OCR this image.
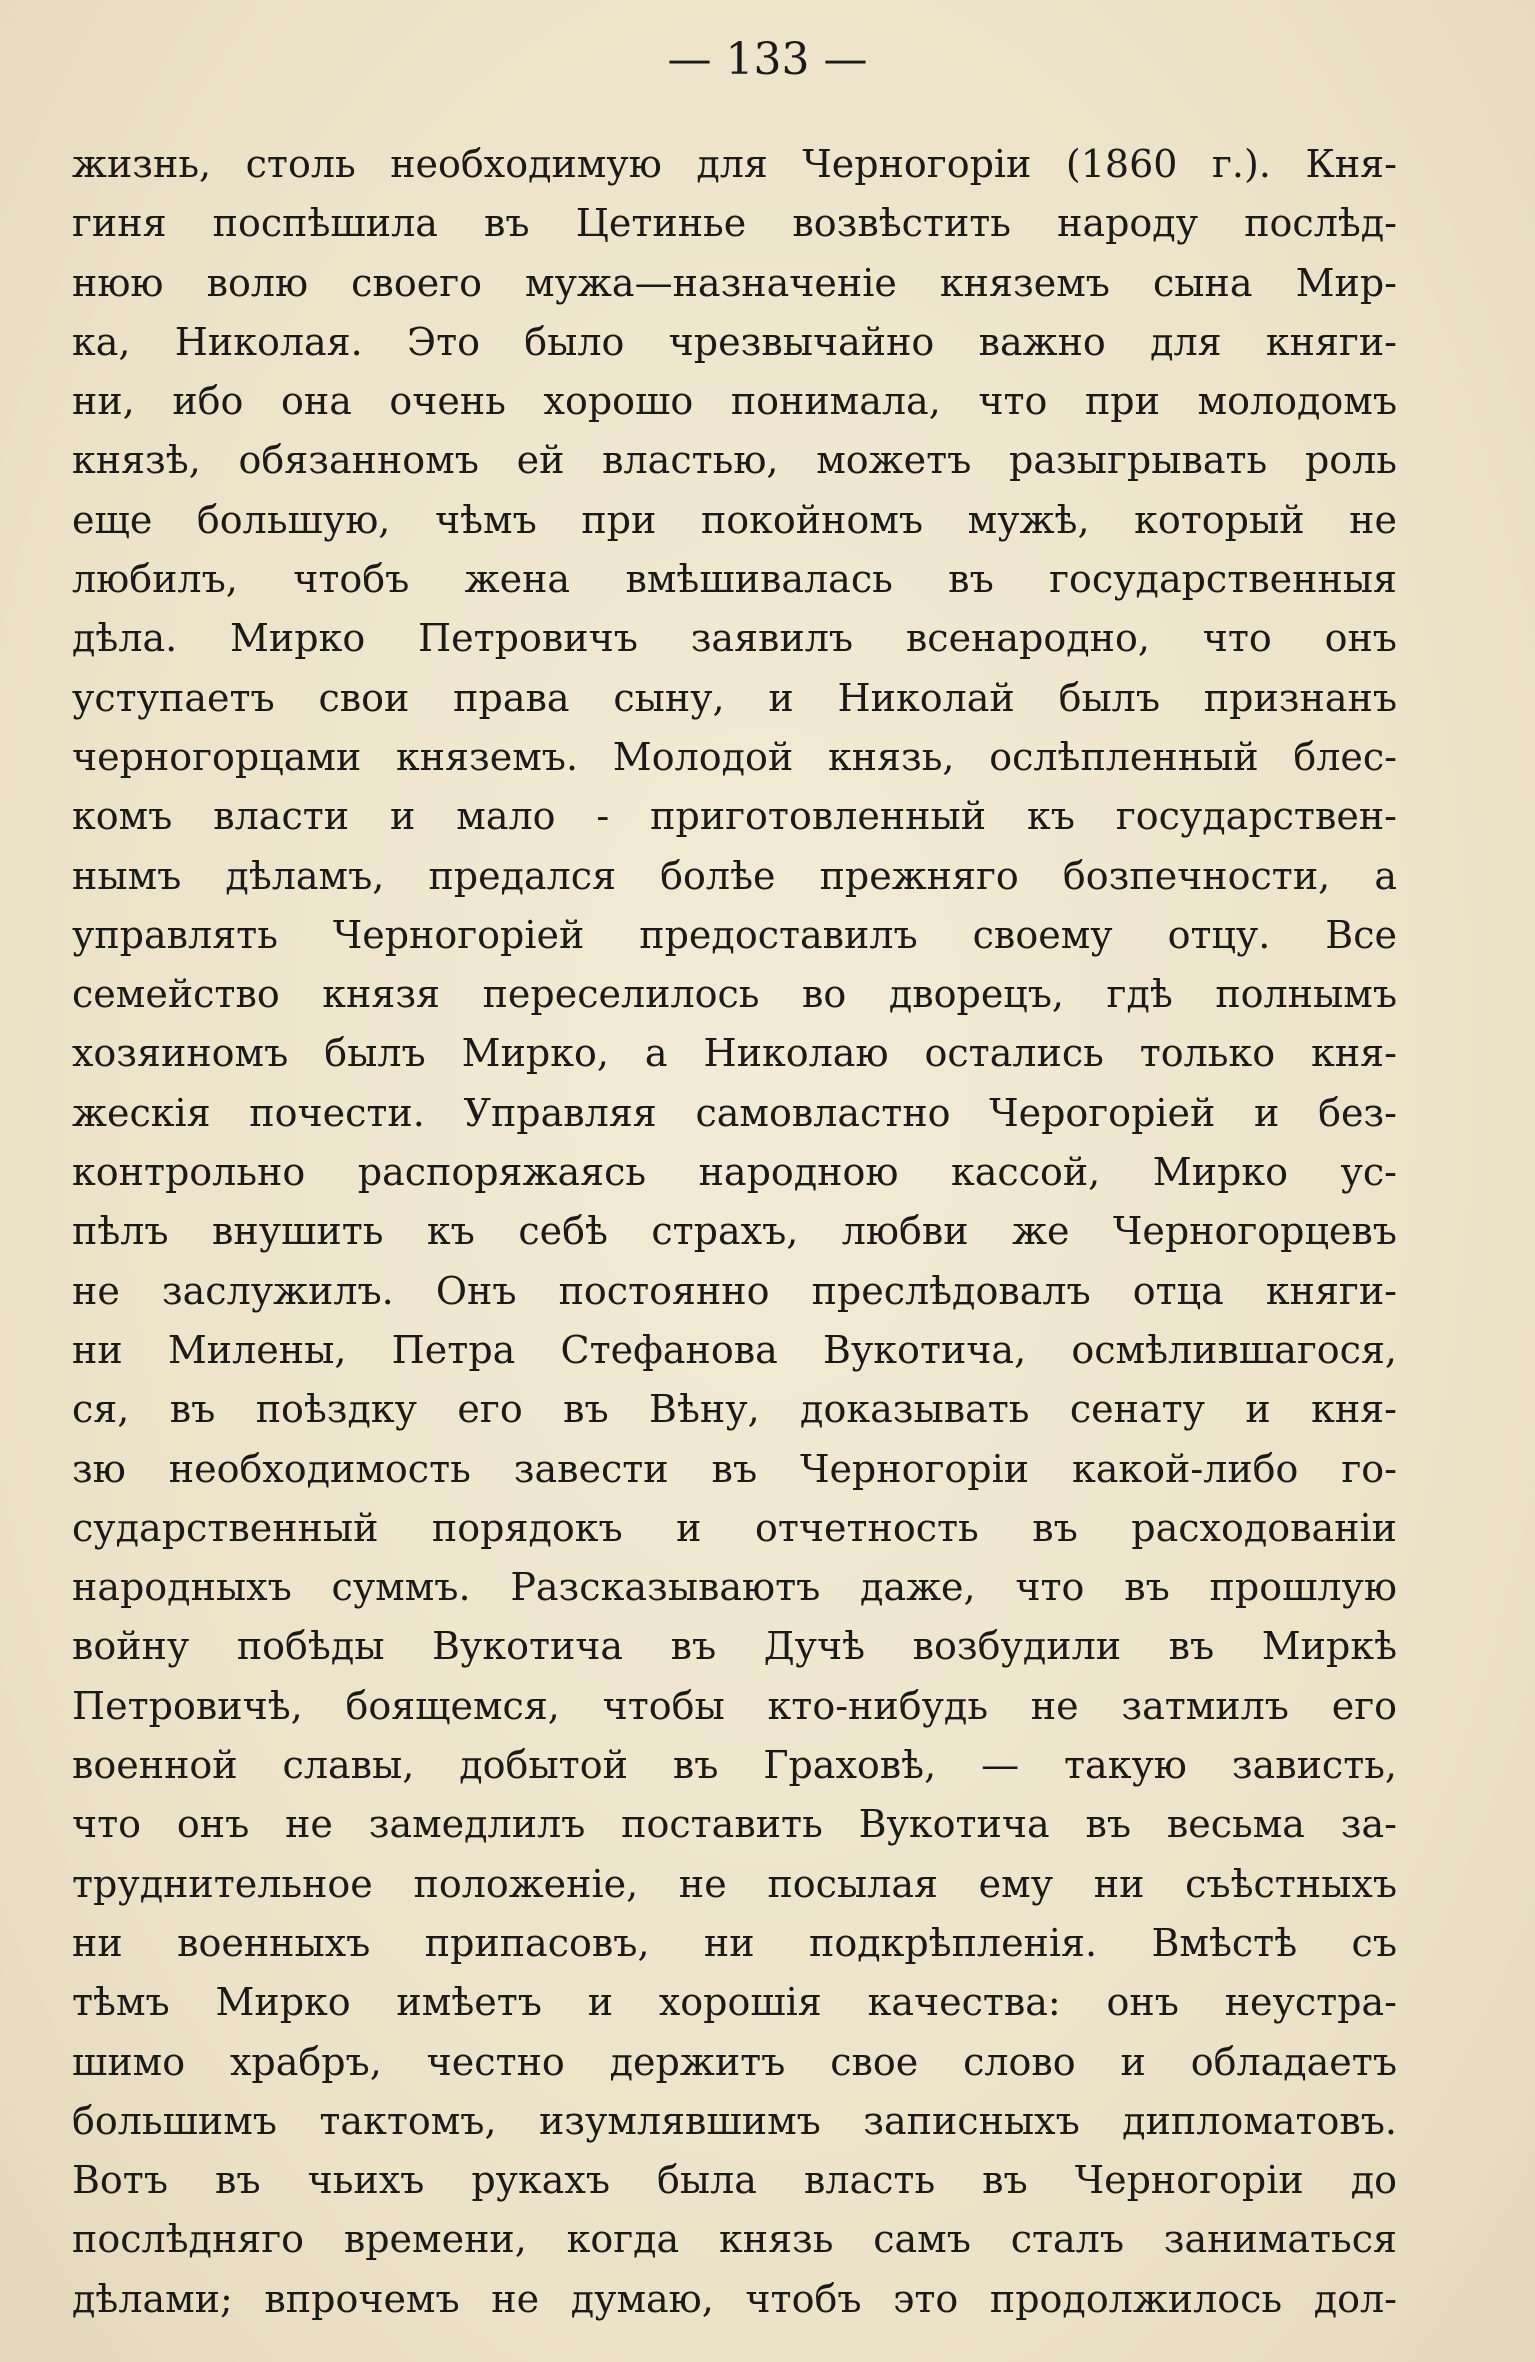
— 133 —
жизнь, столь необходимую для Черногоріи (1860 г.). Кня-
гиня поспѣшила въ Цетинье возвѣстить народу послѣд-
нюю волю своего мужа—назначеніе княземъ сына Мир-
ка, Николая. Это было чрезвычайно важно для княги-
ни, ибо она очень хорошо понимала, что при молодомъ
князѣ, обязанномъ ей властью, можетъ разыгрывать роль
еще большую, чѣмъ при покойномъ мужѣ, который не
любилъ, чтобъ жена вмѣшивалась въ государственныя
дѣла. Мирко Петровичъ заявилъ всенародно, что онъ
уступаетъ свои права сыну, и Николай былъ признанъ
черногорцами княземъ. Молодой князь, ослѣпленный блес-
комъ власти и мало - приготовленный къ государствен-
нымъ дѣламъ, предался болѣе прежняго бозпечности, а
управлять Черногоріей предоставилъ своему отцу. Все
семейство князя переселилось во дворецъ, гдѣ полнымъ
хозяиномъ былъ Мирко, а Николаю остались только кня-
жескія почести. Управляя самовластно Черогоріей и без-
контрольно распоряжаясь народною кассой, Мирко ус-
пѣлъ внушить къ себѣ страхъ, любви же Черногорцевъ
не заслужилъ. Онъ постоянно преслѣдовалъ отца княги-
ни Милены, Петра Стефанова Вукотича, осмѣлившагося,
ся, въ поѣздку его въ Вѣну, доказывать сенату и кня-
зю необходимость завести въ Черногоріи какой-либо го-
сударственный порядокъ и отчетность въ расходованіи
народныхъ суммъ. Разсказываютъ даже, что въ прошлую
войну побѣды Вукотича въ Дучѣ возбудили въ Миркѣ
Петровичѣ, боящемся, чтобы кто-нибудь не затмилъ его
военной славы, добытой въ Граховѣ, — такую зависть,
что онъ не замедлилъ поставить Вукотича въ весьма за-
труднительное положеніе, не посылая ему ни съѣстныхъ
ни военныхъ припасовъ, ни подкрѣпленія. Вмѣстѣ съ
тѣмъ Мирко имѣетъ и хорошія качества: онъ неустра-
шимо храбръ, честно держитъ свое слово и обладаетъ
большимъ тактомъ, изумлявшимъ записныхъ дипломатовъ.
Вотъ въ чьихъ рукахъ была власть въ Черногоріи до
послѣдняго времени, когда князь самъ сталъ заниматься
дѣлами; впрочемъ не думаю, чтобъ это продолжилось дол-
